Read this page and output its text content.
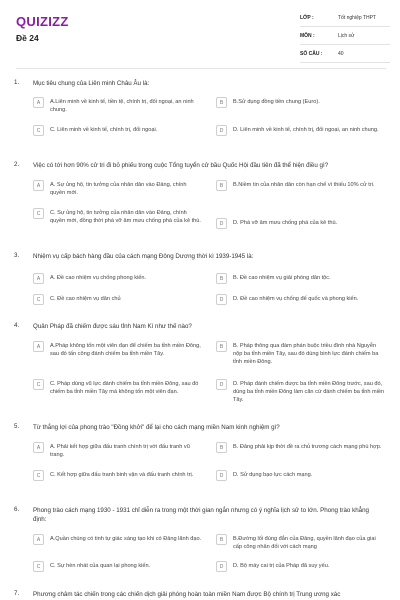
QUIZIZZ
Đề 24
LỚP :	Tốt nghiệp THPT
MÔN :	Lịch sử
SỐ CÂU :	40
1. Mục tiêu chung của Liên minh Châu Âu là:
A	A.Liên minh về kinh tế, tiền tệ, chính trị, đối ngoại, an ninh chung.
B	B.Sử dụng đồng tiền chung (Euro).
C	C. Liên minh về kinh tế, chính trị, đối ngoại.	D	D. Liên minh về kinh tế, chính trị, đối ngoại, an ninh chung.
2. Việc có tới hơn 90% cử tri đi bỏ phiếu trong cuộc Tổng tuyển cử bầu Quốc Hội đầu tiên đã thể hiện điều gì?
A	A. Sự ủng hộ, tin tưởng của nhân dân vào Đảng, chính quyền mới.
B	B.Niềm tin của nhân dân còn hạn chế vì thiếu 10% cử tri.
C	C. Sự ủng hộ, tin tưởng của nhân dân vào Đảng, chính quyền mới, đồng thời phá vỡ âm mưu chống phá của kẻ thù.	D	D. Phá vỡ âm mưu chống phá của kẻ thù.
3. Nhiệm vụ cấp bách hàng đầu của cách mạng Đông Dương thời kì 1939-1945 là:
A	A. Đề cao nhiệm vụ chống phong kiến.	B	B. Đề cao nhiệm vụ giải phóng dân tộc.
C	C. Đề cao nhiệm vụ dân chủ	D	D. Đề cao nhiệm vụ chống đế quốc và phong kiến.
4. Quân Pháp đã chiếm được sáu tỉnh Nam Kì như thế nào?
A	A.Pháp không tốn một viên đạn để chiếm ba tỉnh miền Đông, sau đó tấn công đánh chiếm ba tỉnh miền Tây.
B	B. Pháp thông qua đàm phán buộc triều đình nhà Nguyễn nộp ba tỉnh miền Tây, sau đó dùng binh lực đánh chiếm ba tỉnh miền Đông.
C	C. Pháp dùng vũ lực đánh chiếm ba tỉnh miền Đông, sau đó chiếm ba tỉnh miền Tây mà không tốn một viên đạn.
D	D. Pháp đánh chiếm được ba tỉnh miền Đông trước, sau đó, dùng ba tỉnh miền Đông làm căn cứ đánh chiếm ba tỉnh miền Tây.
5. Từ thắng lợi của phong trào "Đồng khởi" để lại cho cách mạng miền Nam kinh nghiệm gì?
A	A. Phải kết hợp giữa đấu tranh chính trị với đấu tranh vũ trang.
B	B. Đảng phải kịp thời đề ra chủ trương cách mạng phù hợp.
C	C. Kết hợp giữa đấu tranh binh vận và đấu tranh chính trị.	D	D. Sử dụng bạo lực cách mạng.
6. Phong trào cách mạng 1930 - 1931 chỉ diễn ra trong một thời gian ngắn nhưng có ý nghĩa lịch sử to lớn. Phong trào khẳng định:
A	A.Quần chúng có tinh tự giác sáng tạo khi có Đảng lãnh đạo.	B	B.Đường lối đúng đắn của Đảng, quyền lãnh đạo của giai cấp công nhân đối với cách mạng
C	C. Sự hèn nhát của quan lại phong kiến.	D	D. Bộ máy cai trị của Pháp đã suy yếu.
7. Phương châm tác chiến trong các chiến dịch giải phóng hoàn toàn miền Nam được Bộ chính trị Trung ương xác
